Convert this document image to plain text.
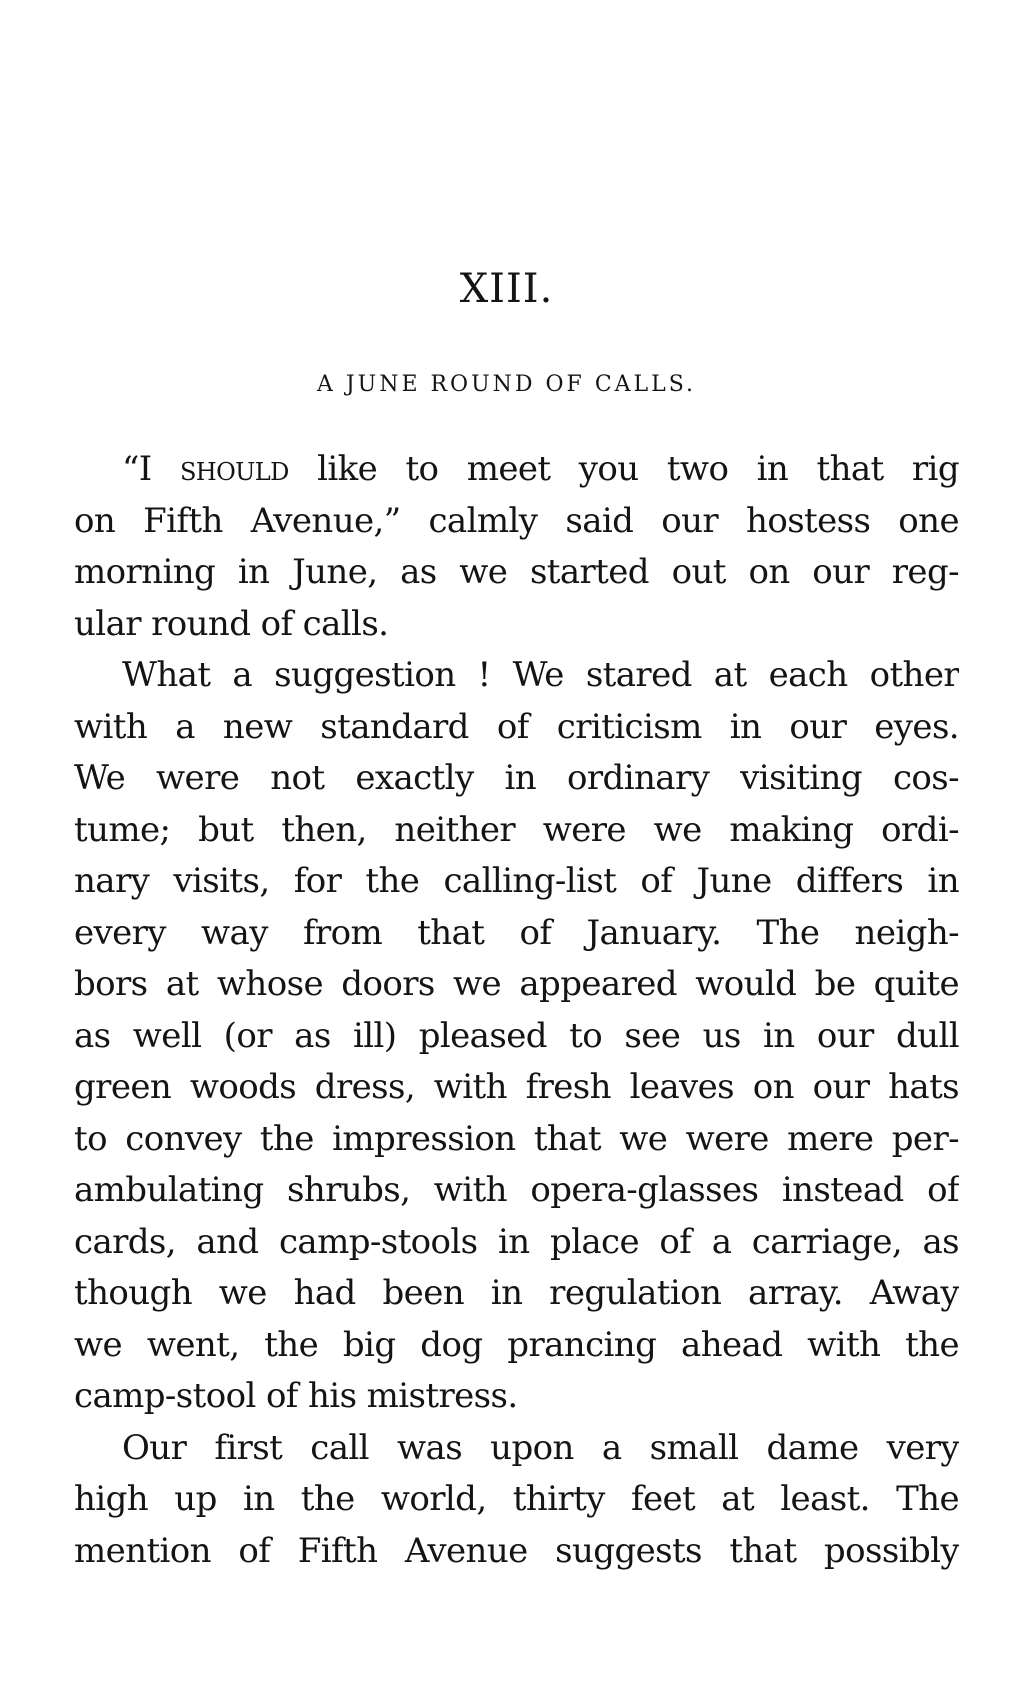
XIII.
A JUNE ROUND OF CALLS.
“I should like to meet you two in that rig
on Fifth Avenue,” calmly said our hostess one
morning in June, as we started out on our reg-
ular round of calls.
What a suggestion ! We stared at each other
with a new standard of criticism in our eyes.
We were not exactly in ordinary visiting cos-
tume; but then, neither were we making ordi-
nary visits, for the calling-list of June differs in
every way from that of January. The neigh-
bors at whose doors we appeared would be quite
as well (or as ill) pleased to see us in our dull
green woods dress, with fresh leaves on our hats
to convey the impression that we were mere per-
ambulating shrubs, with opera-glasses instead of
cards, and camp-stools in place of a carriage, as
though we had been in regulation array. Away
we went, the big dog prancing ahead with the
camp-stool of his mistress.
Our first call was upon a small dame very
high up in the world, thirty feet at least. The
mention of Fifth Avenue suggests that possibly
